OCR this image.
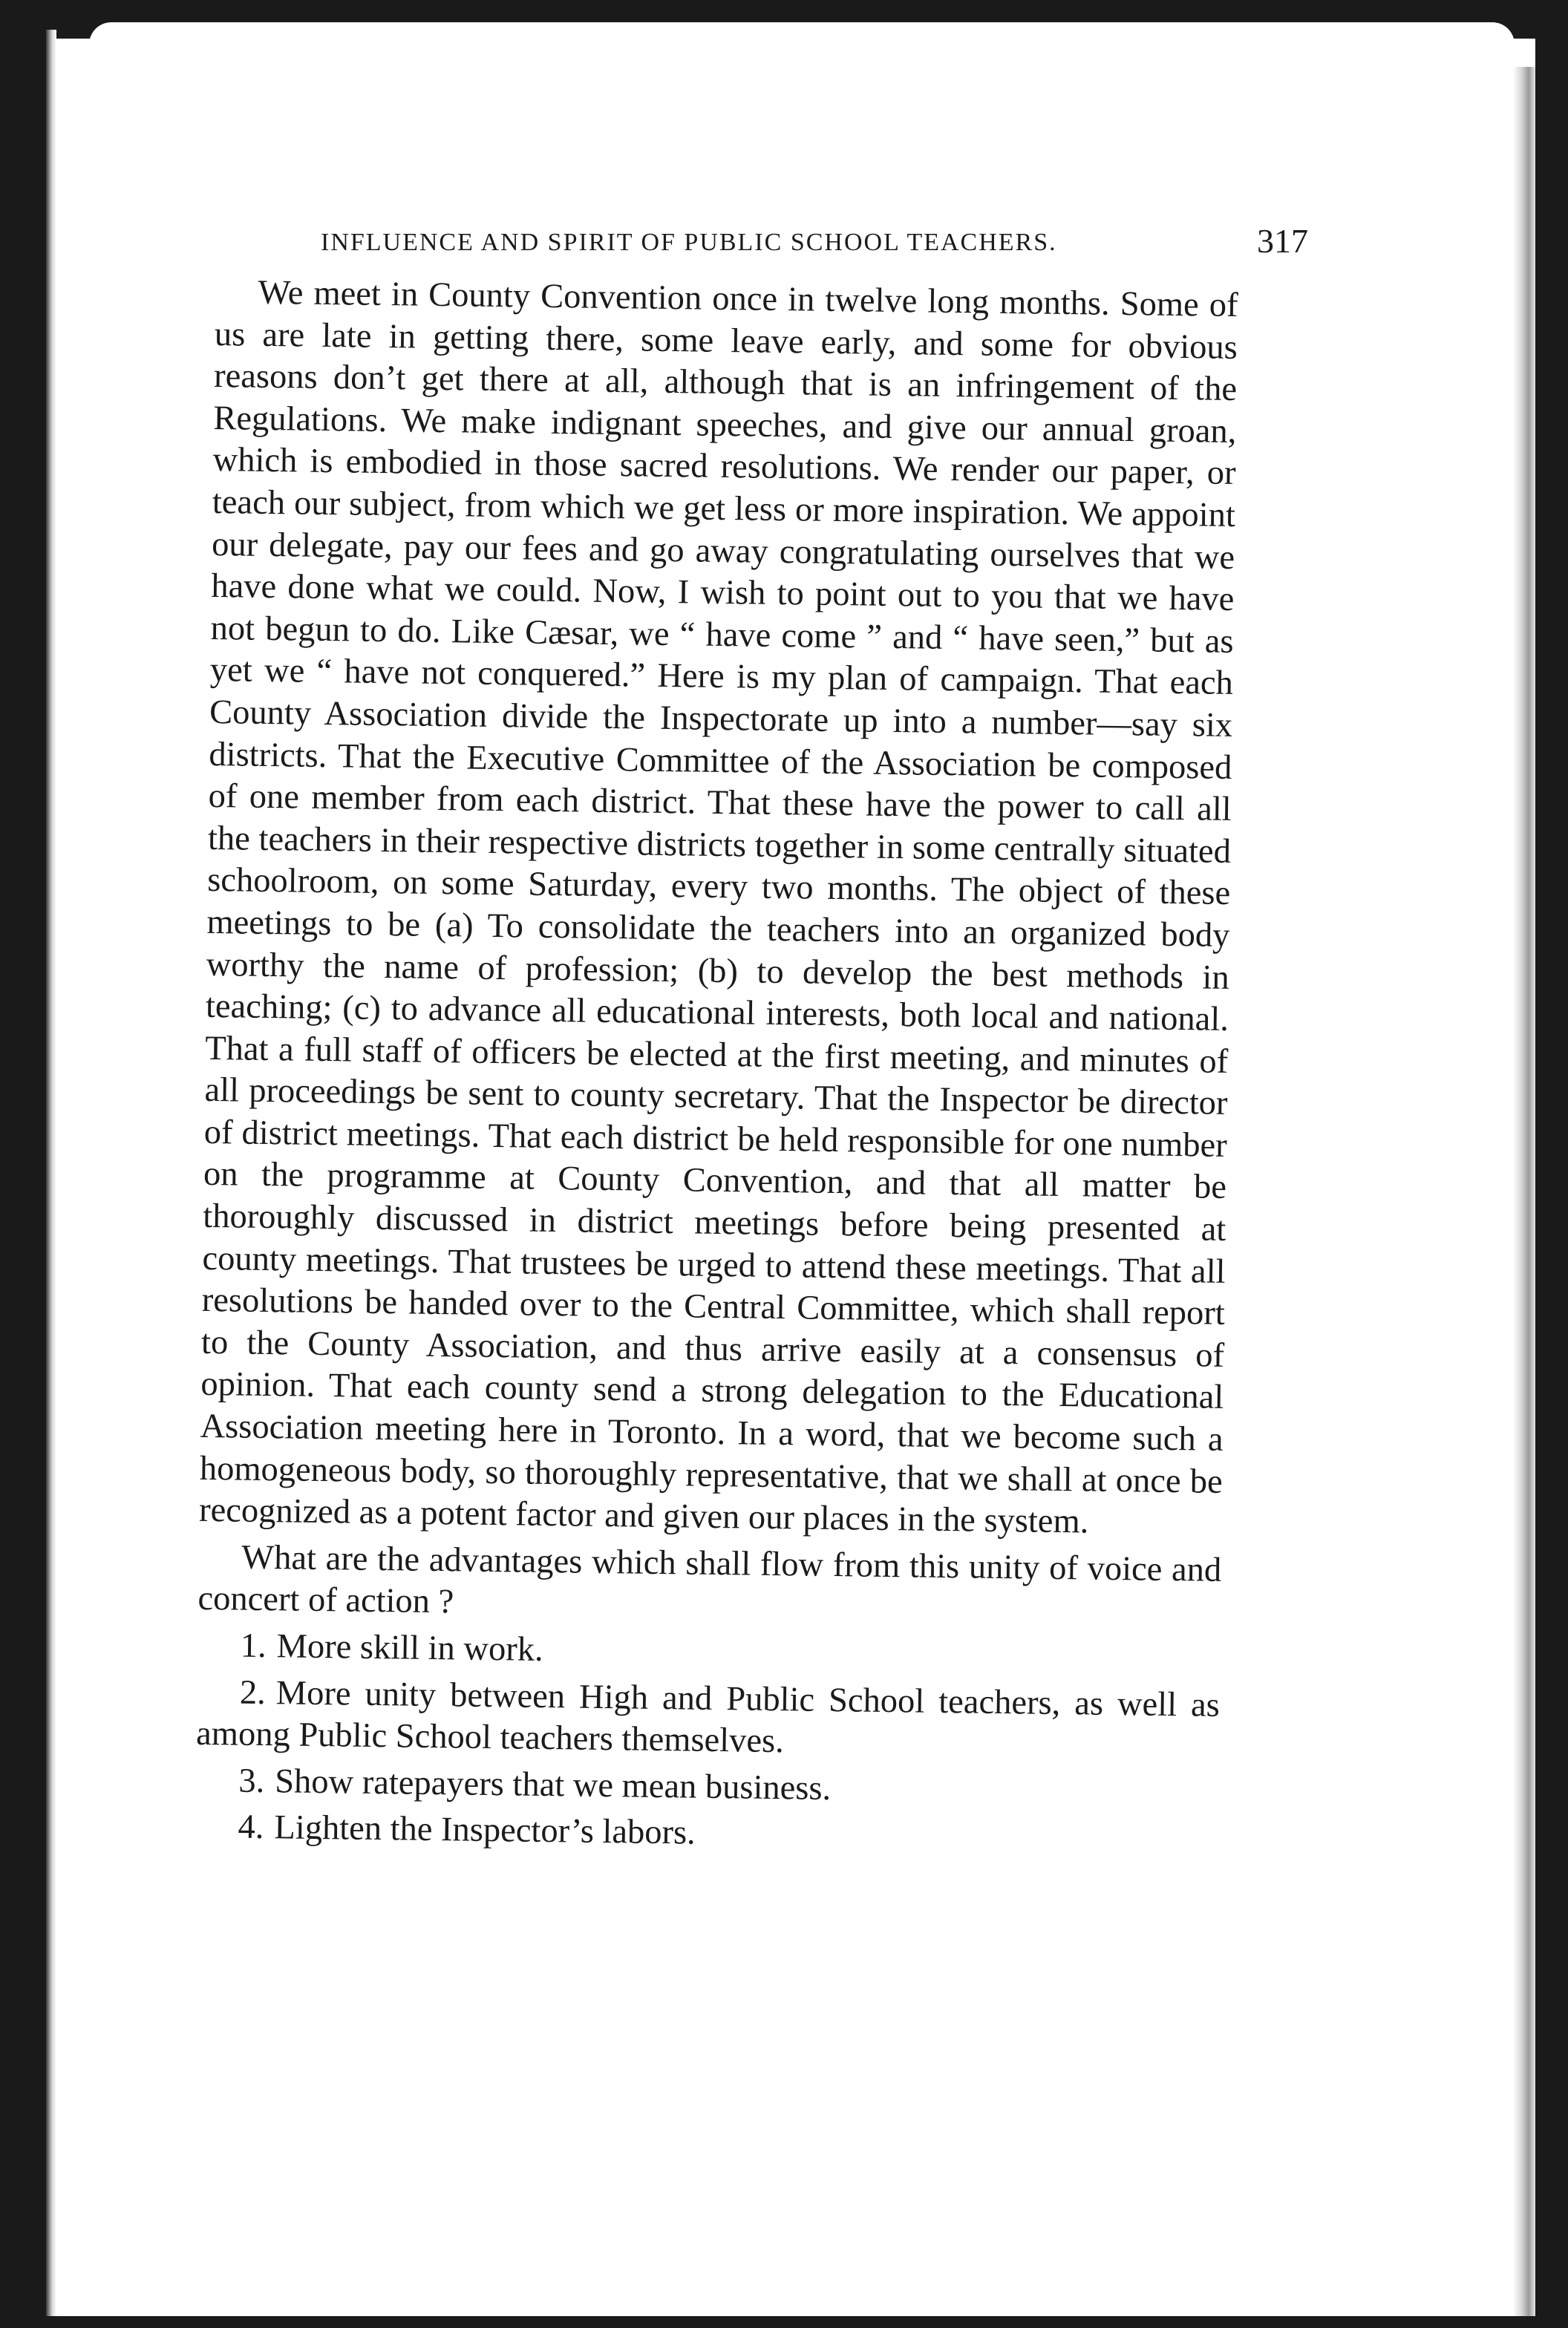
INFLUENCE AND SPIRIT OF PUBLIC SCHOOL TEACHERS.	317

We meet in County Convention once in twelve long months. Some of us are late in getting there, some leave early, and some for obvious reasons don’t get there at all, although that is an infringement of the Regulations. We make indignant speeches, and give our annual groan, which is embodied in those sacred resolutions. We render our paper, or teach our subject, from which we get less or more inspiration. We appoint our delegate, pay our fees and go away congratulating ourselves that we have done what we could. Now, I wish to point out to you that we have not begun to do. Like Cæsar, we “ have come ” and “ have seen,” but as yet we “ have not conquered.” Here is my plan of campaign. That each County Association divide the Inspectorate up into a number—say six districts. That the Executive Committee of the Association be composed of one member from each district. That these have the power to call all the teachers in their respective districts together in some centrally situated schoolroom, on some Saturday, every two months. The object of these meetings to be (a) To consolidate the teachers into an organized body worthy the name of profession; (b) to develop the best methods in teaching; (c) to advance all educational interests, both local and national. That a full staff of officers be elected at the first meeting, and minutes of all proceedings be sent to county secretary. That the Inspector be director of district meetings. That each district be held responsible for one number on the programme at County Convention, and that all matter be thoroughly discussed in district meetings before being presented at county meetings. That trustees be urged to attend these meetings. That all resolutions be handed over to the Central Committee, which shall report to the County Association, and thus arrive easily at a consensus of opinion. That each county send a strong delegation to the Educational Association meeting here in Toronto. In a word, that we become such a homogeneous body, so thoroughly representative, that we shall at once be recognized as a potent factor and given our places in the system.

What are the advantages which shall flow from this unity of voice and concert of action ?

1. More skill in work.
2. More unity between High and Public School teachers, as well as among Public School teachers themselves.
3. Show ratepayers that we mean business.
4. Lighten the Inspector’s labors.
